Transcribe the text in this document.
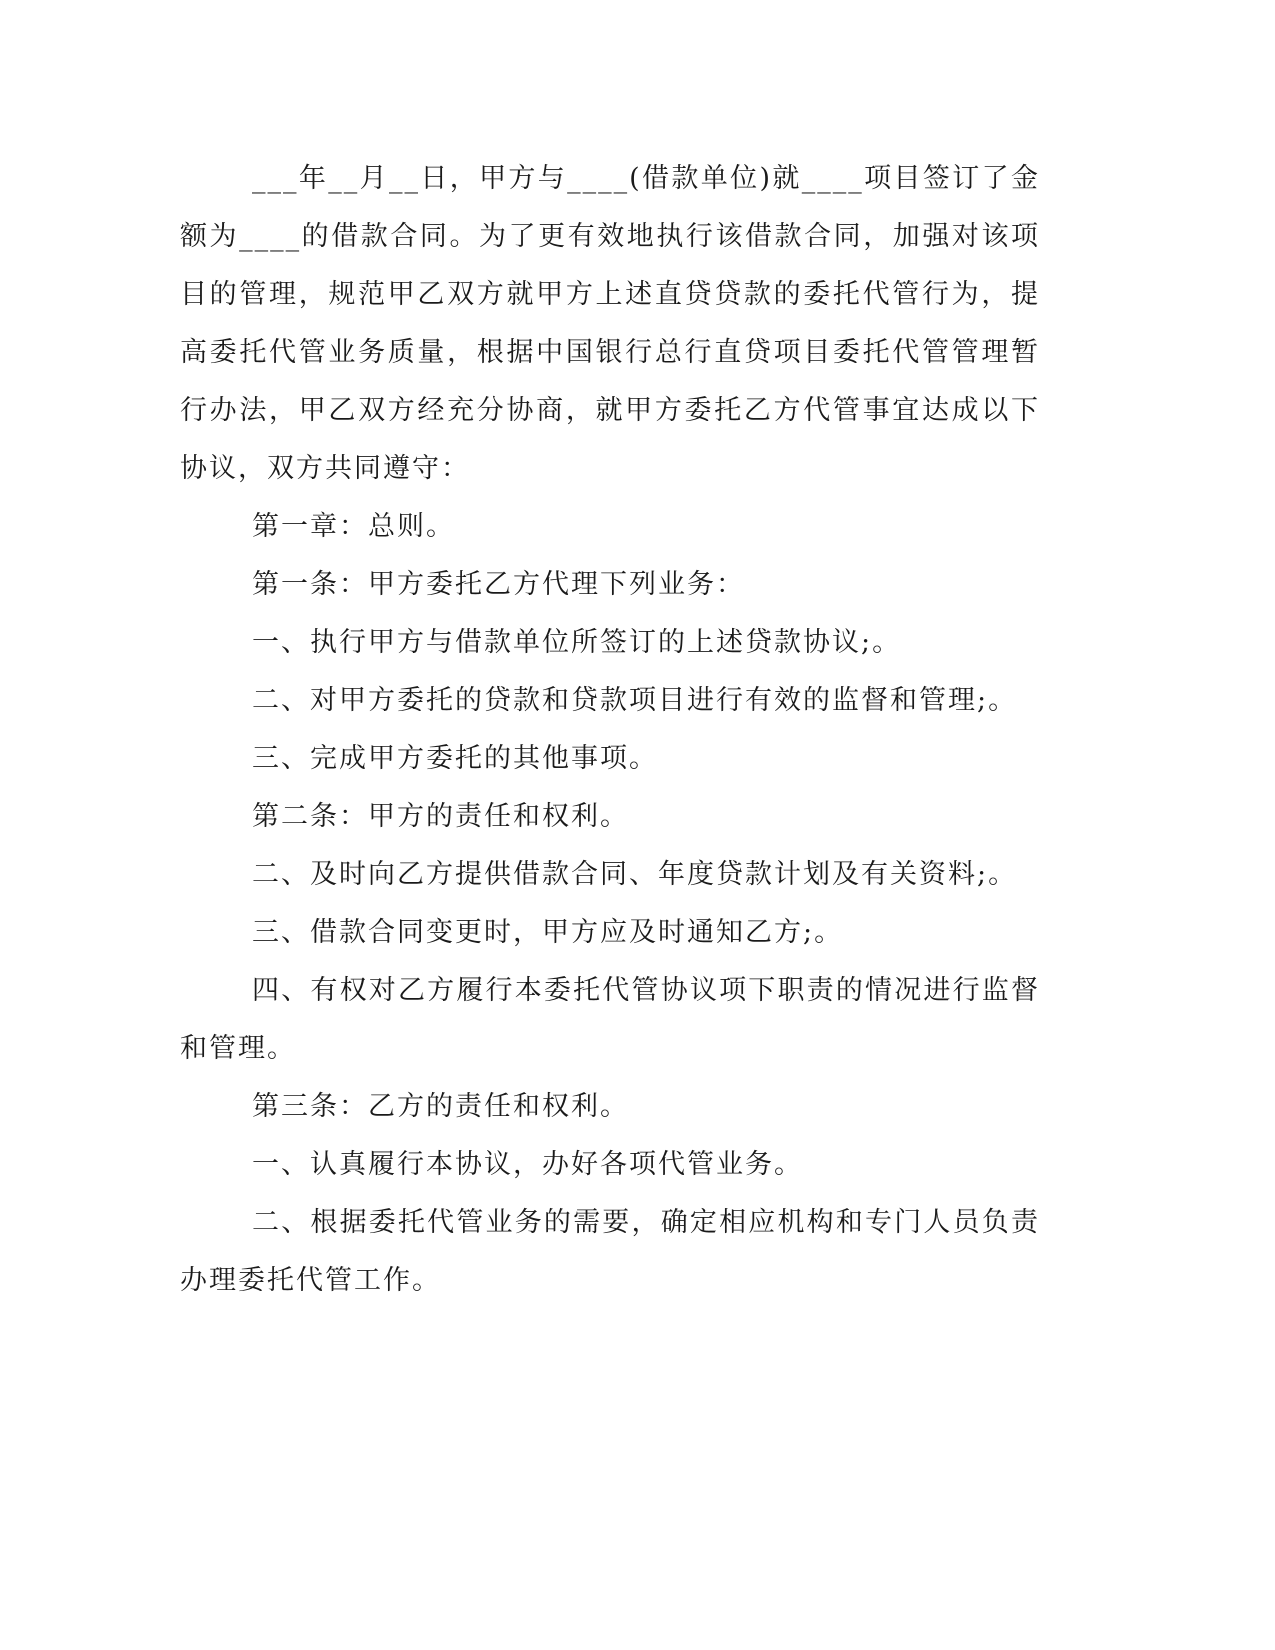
___年__月__日，甲方与____(借款单位)就____项目签订了金额为____的借款合同。为了更有效地执行该借款合同，加强对该项目的管理，规范甲乙双方就甲方上述直贷贷款的委托代管行为，提高委托代管业务质量，根据中国银行总行直贷项目委托代管管理暂行办法，甲乙双方经充分协商，就甲方委托乙方代管事宜达成以下协议，双方共同遵守：

第一章：总则。

第一条：甲方委托乙方代理下列业务：

一、执行甲方与借款单位所签订的上述贷款协议;。

二、对甲方委托的贷款和贷款项目进行有效的监督和管理;。

三、完成甲方委托的其他事项。

第二条：甲方的责任和权利。

二、及时向乙方提供借款合同、年度贷款计划及有关资料;。

三、借款合同变更时，甲方应及时通知乙方;。

四、有权对乙方履行本委托代管协议项下职责的情况进行监督和管理。

第三条：乙方的责任和权利。

一、认真履行本协议，办好各项代管业务。

二、根据委托代管业务的需要，确定相应机构和专门人员负责办理委托代管工作。
